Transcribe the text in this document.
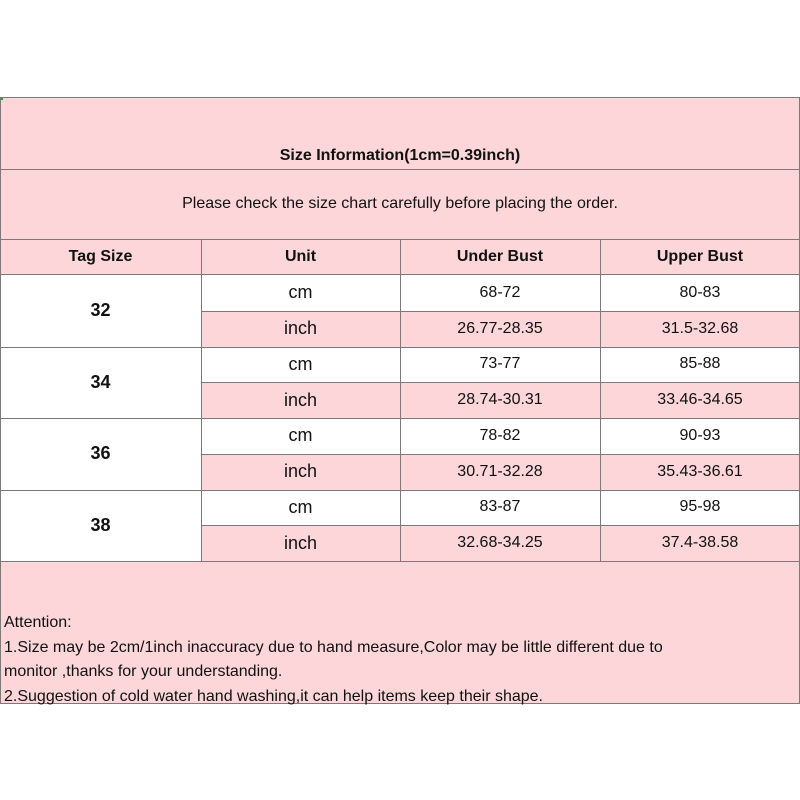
Size Information(1cm=0.39inch)
Please check the size chart carefully before placing the order.
Tag Size	Unit	Under Bust	Upper Bust
32
cm	68-72	80-83
inch	26.77-28.35	31.5-32.68
34
cm	73-77	85-88
inch	28.74-30.31	33.46-34.65
36
cm	78-82	90-93
inch	30.71-32.28	35.43-36.61
38
cm	83-87	95-98
inch	32.68-34.25	37.4-38.58
Attention:
1.Size may be 2cm/1inch inaccuracy due to hand measure,Color may be little different due to
monitor ,thanks for your understanding.
2.Suggestion of cold water hand washing,it can help items keep their shape.
